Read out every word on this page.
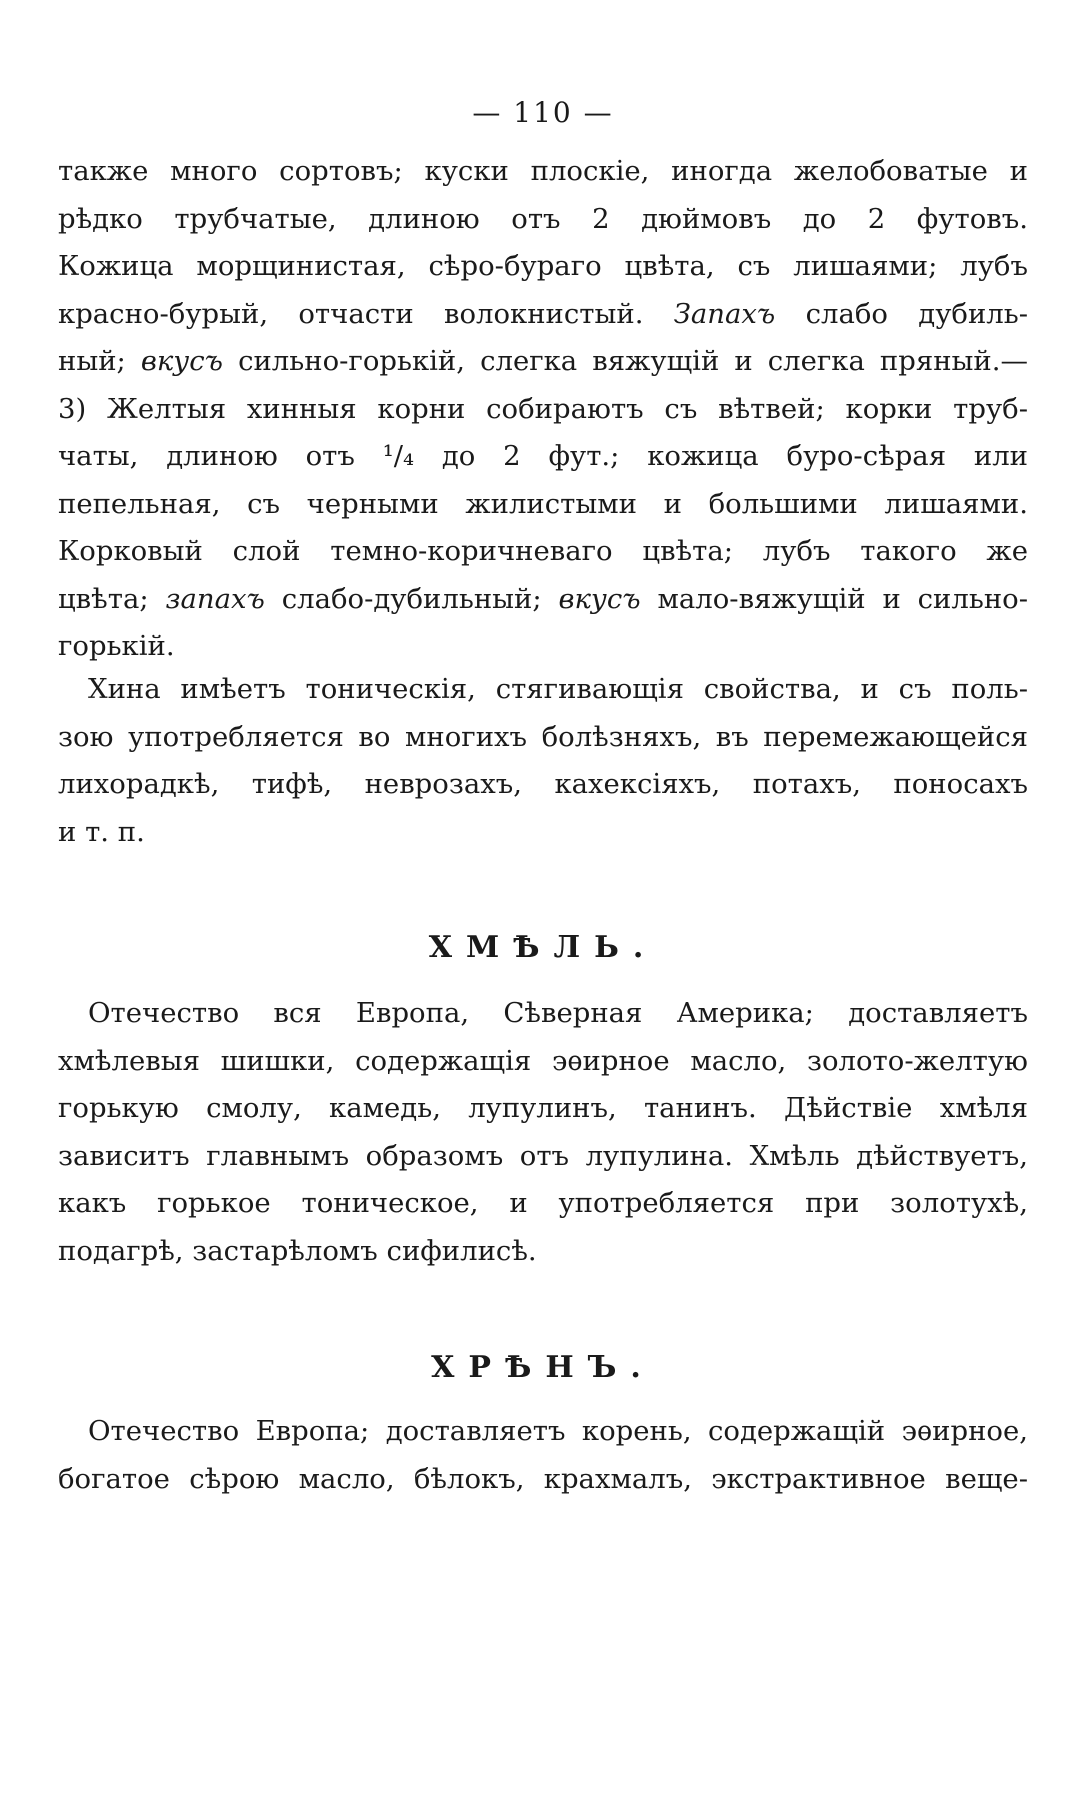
— 110 —
также много сортовъ; куски плоскіе, иногда желобоватые и
рѣдко трубчатые, длиною отъ 2 дюймовъ до 2 футовъ.
Кожица морщинистая, сѣро-бураго цвѣта, съ лишаями; лубъ
красно-бурый, отчасти волокнистый. Запахъ слабо дубиль-
ный; вкусъ сильно-горькій, слегка вяжущій и слегка пряный.—
3) Желтыя хинныя корни собираютъ съ вѣтвей; корки труб-
чаты, длиною отъ ¹/₄ до 2 фут.; кожица буро-сѣрая или
пепельная, съ черными жилистыми и большими лишаями.
Корковый слой темно-коричневаго цвѣта; лубъ такого же
цвѣта; запахъ слабо-дубильный; вкусъ мало-вяжущій и сильно-
горькій.
Хина имѣетъ тоническія, стягивающія свойства, и съ поль-
зою употребляется во многихъ болѣзняхъ, въ перемежающейся
лихорадкѣ, тифѣ, неврозахъ, кахексіяхъ, потахъ, поносахъ
и т. п.
ХМѢЛЬ.
Отечество вся Европа, Сѣверная Америка; доставляетъ
хмѣлевыя шишки, содержащія эѳирное масло, золото-желтую
горькую смолу, камедь, лупулинъ, танинъ. Дѣйствіе хмѣля
зависитъ главнымъ образомъ отъ лупулина. Хмѣль дѣйствуетъ,
какъ горькое тоническое, и употребляется при золотухѣ,
подагрѣ, застарѣломъ сифилисѣ.
ХРѢНЪ.
Отечество Европа; доставляетъ корень, содержащій эѳирное,
богатое сѣрою масло, бѣлокъ, крахмалъ, экстрактивное веще-
